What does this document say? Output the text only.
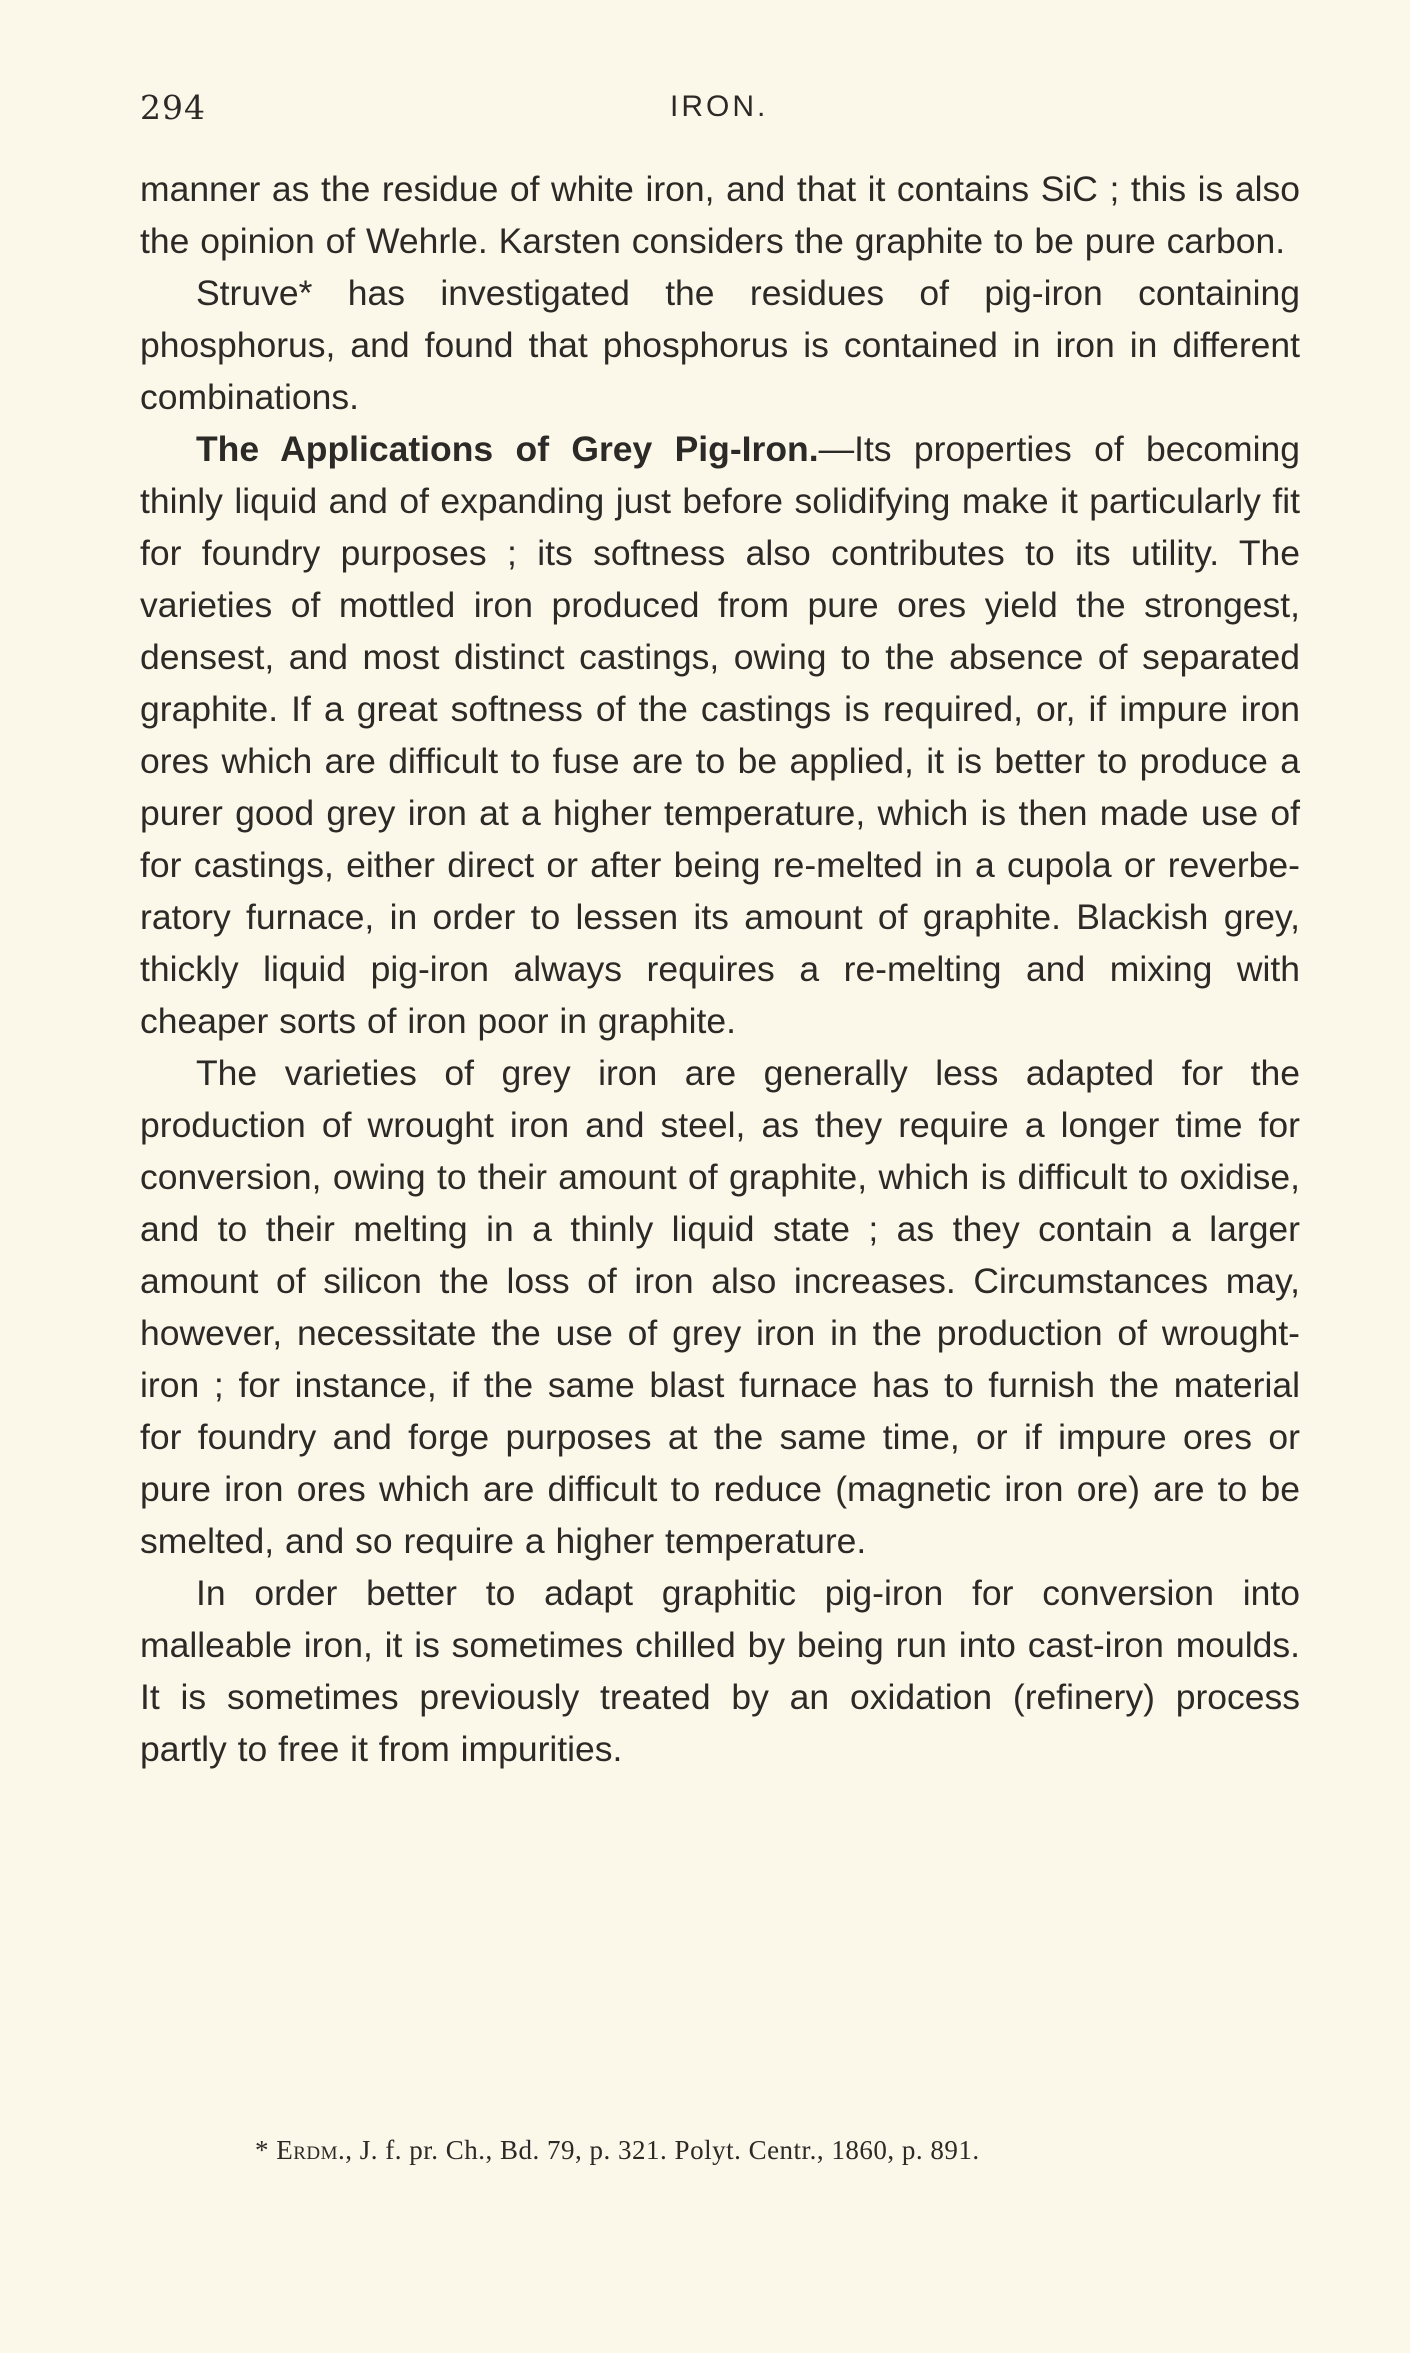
294	IRON.

manner as the residue of white iron, and that it contains SiC ; this is also the opinion of Wehrle. Karsten considers the graphite to be pure carbon.

Struve* has investigated the residues of pig-iron containing phosphorus, and found that phosphorus is contained in iron in different combinations.

The Applications of Grey Pig-Iron.—Its properties of becoming thinly liquid and of expanding just before solidifying make it particularly fit for foundry purposes ; its softness also contributes to its utility. The varieties of mottled iron produced from pure ores yield the strongest, densest, and most distinct castings, owing to the absence of separated graphite. If a great softness of the castings is required, or, if impure iron ores which are difficult to fuse are to be applied, it is better to produce a purer good grey iron at a higher temperature, which is then made use of for castings, either direct or after being re-melted in a cupola or reverberatory furnace, in order to lessen its amount of graphite. Blackish grey, thickly liquid pig-iron always requires a re-melting and mixing with cheaper sorts of iron poor in graphite.

The varieties of grey iron are generally less adapted for the production of wrought iron and steel, as they require a longer time for conversion, owing to their amount of graphite, which is difficult to oxidise, and to their melting in a thinly liquid state ; as they contain a larger amount of silicon the loss of iron also increases. Circumstances may, however, necessitate the use of grey iron in the production of wrought-iron ; for instance, if the same blast furnace has to furnish the material for foundry and forge purposes at the same time, or if impure ores or pure iron ores which are difficult to reduce (magnetic iron ore) are to be smelted, and so require a higher temperature.

In order better to adapt graphitic pig-iron for conversion into malleable iron, it is sometimes chilled by being run into cast-iron moulds. It is sometimes previously treated by an oxidation (refinery) process partly to free it from impurities.

* Erdm., J. f. pr. Ch., Bd. 79, p. 321. Polyt. Centr., 1860, p. 891.
